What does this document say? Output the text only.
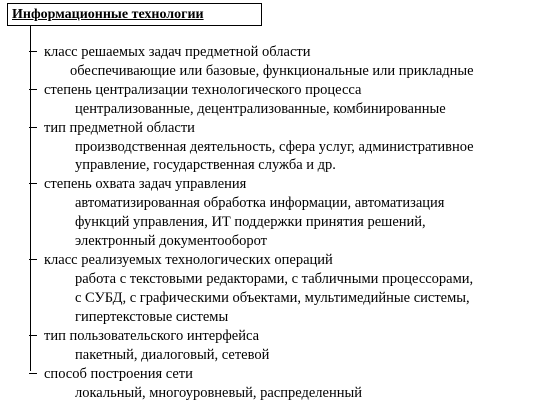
Информационные технологии
класс решаемых задач предметной области
обеспечивающие или базовые, функциональные или прикладные
степень централизации технологического процесса
централизованные, децентрализованные, комбинированные
тип предметной области
производственная деятельность, сфера услуг, административное
управление, государственная служба и др.
степень охвата задач управления
автоматизированная обработка информации, автоматизация
функций управления, ИТ поддержки принятия решений,
электронный документооборот
класс реализуемых технологических операций
работа с текстовыми редакторами, с табличными процессорами,
с СУБД, с графическими объектами, мультимедийные системы,
гипертекстовые системы
тип пользовательского интерфейса
пакетный, диалоговый, сетевой
способ построения сети
локальный, многоуровневый, распределенный
